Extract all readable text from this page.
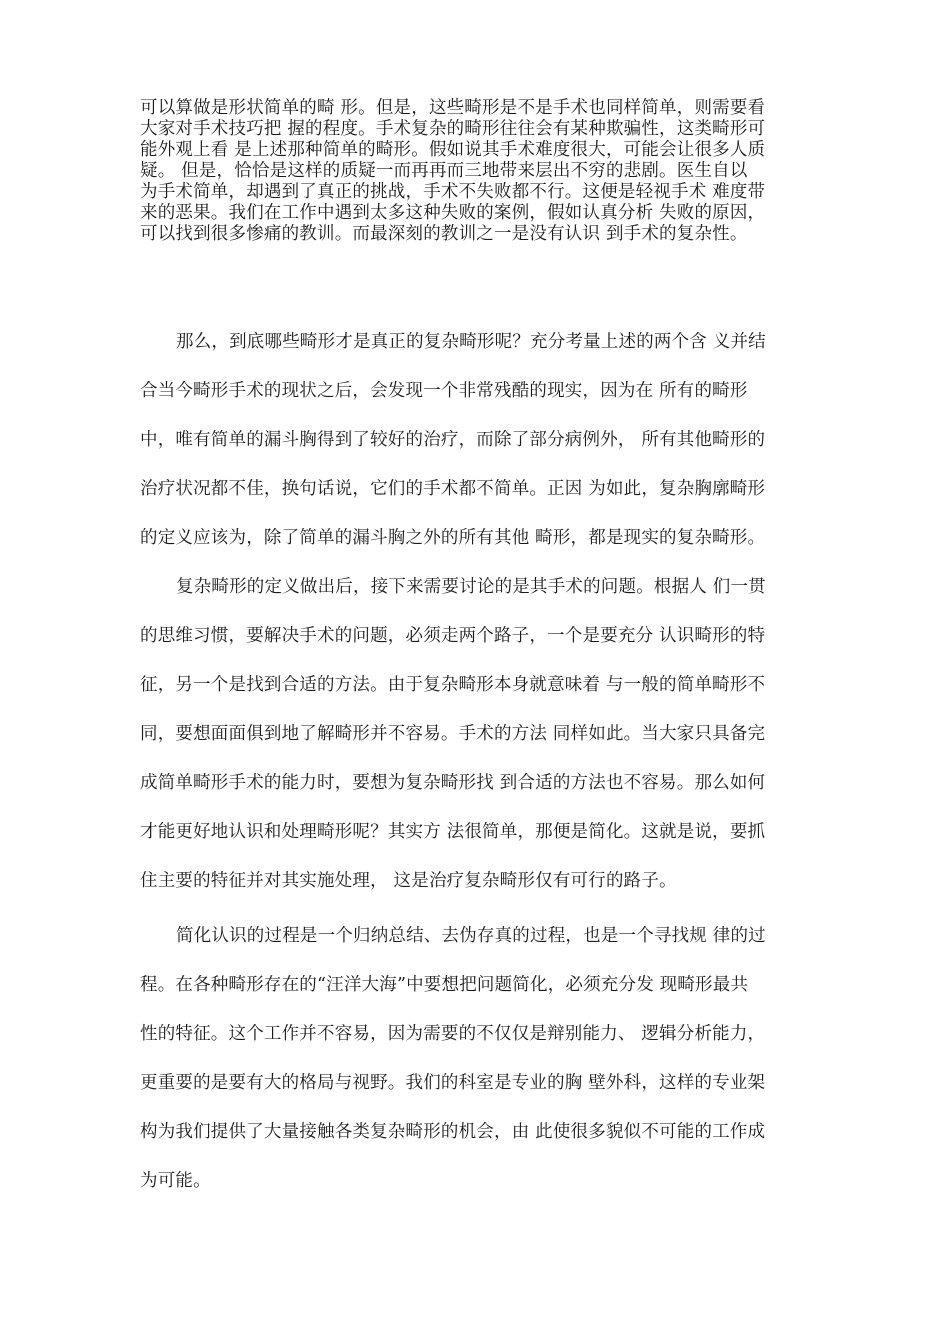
可以算做是形状简单的畸 形。但是，这些畸形是不是手术也同样简单，则需要看
大家对手术技巧把 握的程度。手术复杂的畸形往往会有某种欺骗性，这类畸形可
能外观上看 是上述那种简单的畸形。假如说其手术难度很大，可能会让很多人质
疑。 但是，恰恰是这样的质疑一而再再而三地带来层出不穷的悲剧。医生自以
为手术简单，却遇到了真正的挑战，手术不失败都不行。这便是轻视手术 难度带
来的恶果。我们在工作中遇到太多这种失败的案例，假如认真分析 失败的原因，
可以找到很多惨痛的教训。而最深刻的教训之一是没有认识 到手术的复杂性。
那么，到底哪些畸形才是真正的复杂畸形呢？充分考量上述的两个含 义并结
合当今畸形手术的现状之后，会发现一个非常残酷的现实，因为在 所有的畸形
中，唯有简单的漏斗胸得到了较好的治疗，而除了部分病例外， 所有其他畸形的
治疗状况都不佳，换句话说，它们的手术都不简单。正因 为如此，复杂胸廓畸形
的定义应该为，除了简单的漏斗胸之外的所有其他 畸形，都是现实的复杂畸形。
复杂畸形的定义做出后，接下来需要讨论的是其手术的问题。根据人 们一贯
的思维习惯，要解决手术的问题，必须走两个路子，一个是要充分 认识畸形的特
征，另一个是找到合适的方法。由于复杂畸形本身就意味着 与一般的简单畸形不
同，要想面面俱到地了解畸形并不容易。手术的方法 同样如此。当大家只具备完
成简单畸形手术的能力时，要想为复杂畸形找 到合适的方法也不容易。那么如何
才能更好地认识和处理畸形呢？其实方 法很简单，那便是简化。这就是说，要抓
住主要的特征并对其实施处理， 这是治疗复杂畸形仅有可行的路子。
简化认识的过程是一个归纳总结、去伪存真的过程，也是一个寻找规 律的过
程。在各种畸形存在的“汪洋大海”中要想把问题简化，必须充分发 现畸形最共
性的特征。这个工作并不容易，因为需要的不仅仅是辩别能力、 逻辑分析能力，
更重要的是要有大的格局与视野。我们的科室是专业的胸 壁外科，这样的专业架
构为我们提供了大量接触各类复杂畸形的机会，由 此使很多貌似不可能的工作成
为可能。
